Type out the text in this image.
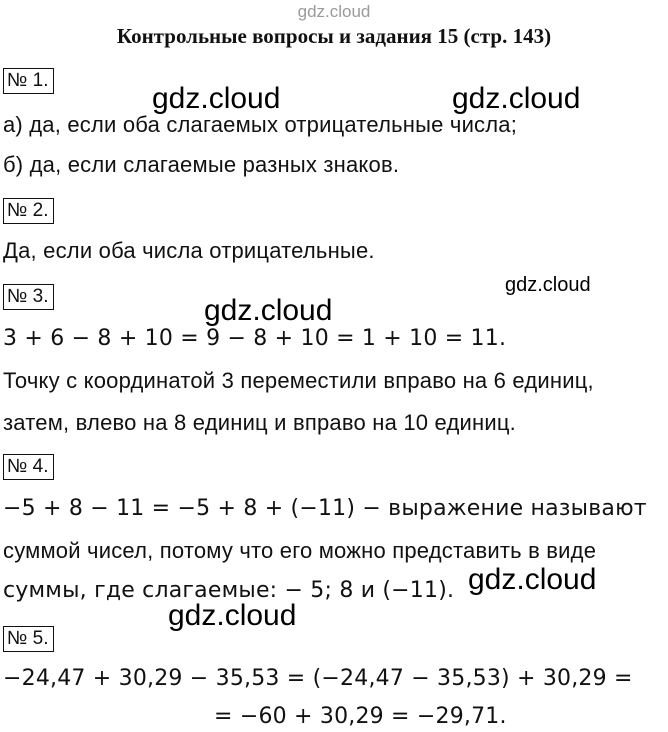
gdz.cloud
Контрольные вопросы и задания 15 (стр. 143)
№ 1.
а) да, если оба слагаемых отрицательные числа;
б) да, если слагаемые разных знаков.
№ 2.
Да, если оба числа отрицательные.
№ 3.
3 + 6 − 8 + 10 = 9 − 8 + 10 = 1 + 10 = 11.
Точку с координатой 3 переместили вправо на 6 единиц,
затем, влево на 8 единиц и вправо на 10 единиц.
№ 4.
−5 + 8 − 11 = −5 + 8 + (−11) − выражение называют
суммой чисел, потому что его можно представить в виде
суммы, где слагаемые: − 5; 8 и (−11).
№ 5.
−24,47 + 30,29 − 35,53 = (−24,47 − 35,53) + 30,29 =
= −60 + 30,29 = −29,71.
gdz.cloud	gdz.cloud
gdz.cloud
gdz.cloud
gdz.cloud
gdz.cloud
